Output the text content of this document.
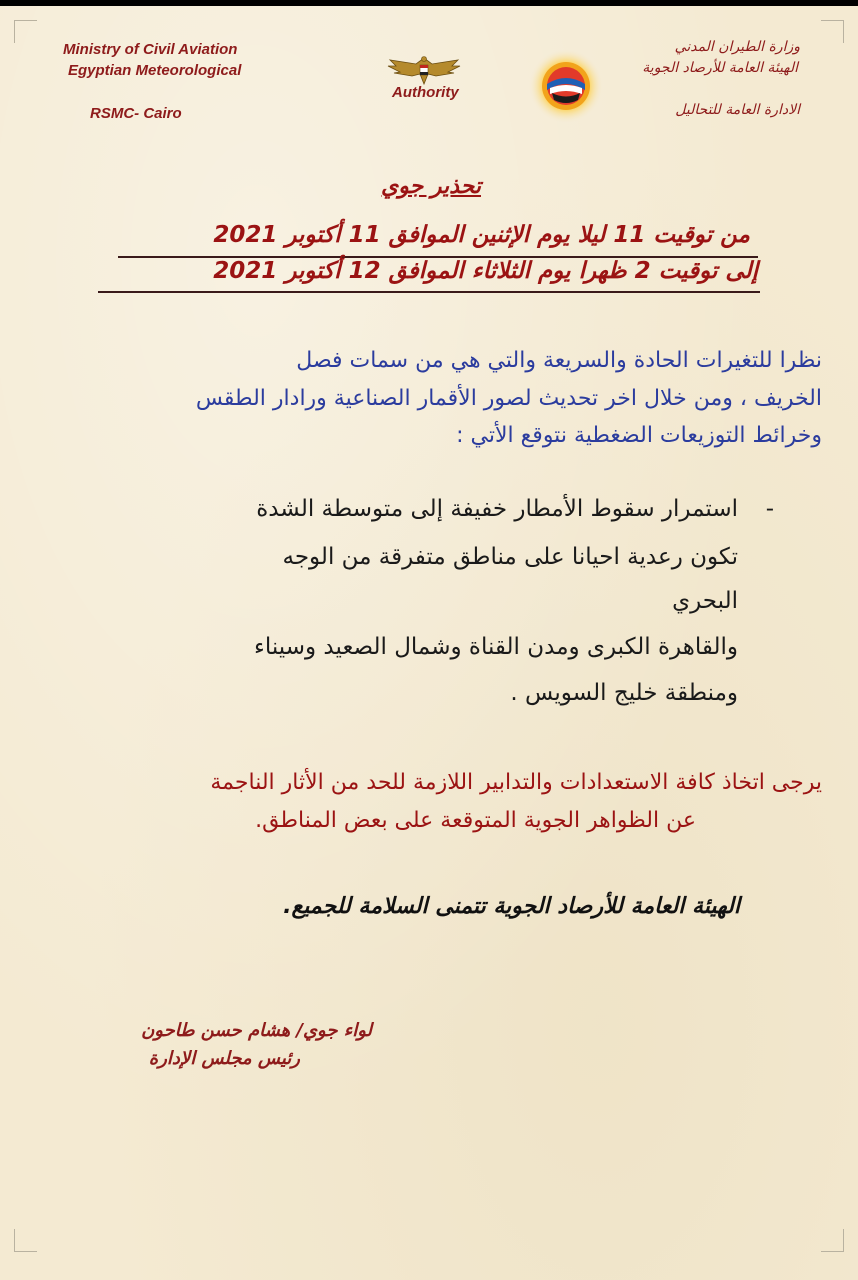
Ministry of Civil Aviation
Egyptian Meteorological
RSMC- Cairo
Authority
وزارة الطيران المدني
الهيئة العامة للأرصاد الجوية
الادارة العامة للتحاليل
تحذير جوي
من توقيت 11 ليلا يوم الإثنين الموافق 11 أكتوبر 2021
إلى توقيت 2 ظهرا يوم الثلاثاء الموافق 12 أكتوبر 2021
نظرا للتغيرات الحادة والسريعة والتي هي من سمات فصل
الخريف ، ومن خلال اخر تحديث لصور الأقمار الصناعية ورادار الطقس
وخرائط التوزيعات الضغطية نتوقع الأتي :
-
استمرار سقوط الأمطار خفيفة إلى متوسطة الشدة
تكون رعدية احيانا على مناطق متفرقة من الوجه
البحري
والقاهرة الكبرى ومدن القناة وشمال الصعيد وسيناء
ومنطقة خليج السويس .
يرجى اتخاذ كافة الاستعدادات والتدابير اللازمة للحد من الأثار الناجمة
عن الظواهر الجوية المتوقعة على بعض المناطق.
الهيئة العامة للأرصاد الجوية تتمنى السلامة للجميع.
لواء جوي/ هشام حسن طاحون
رئيس مجلس الإدارة
